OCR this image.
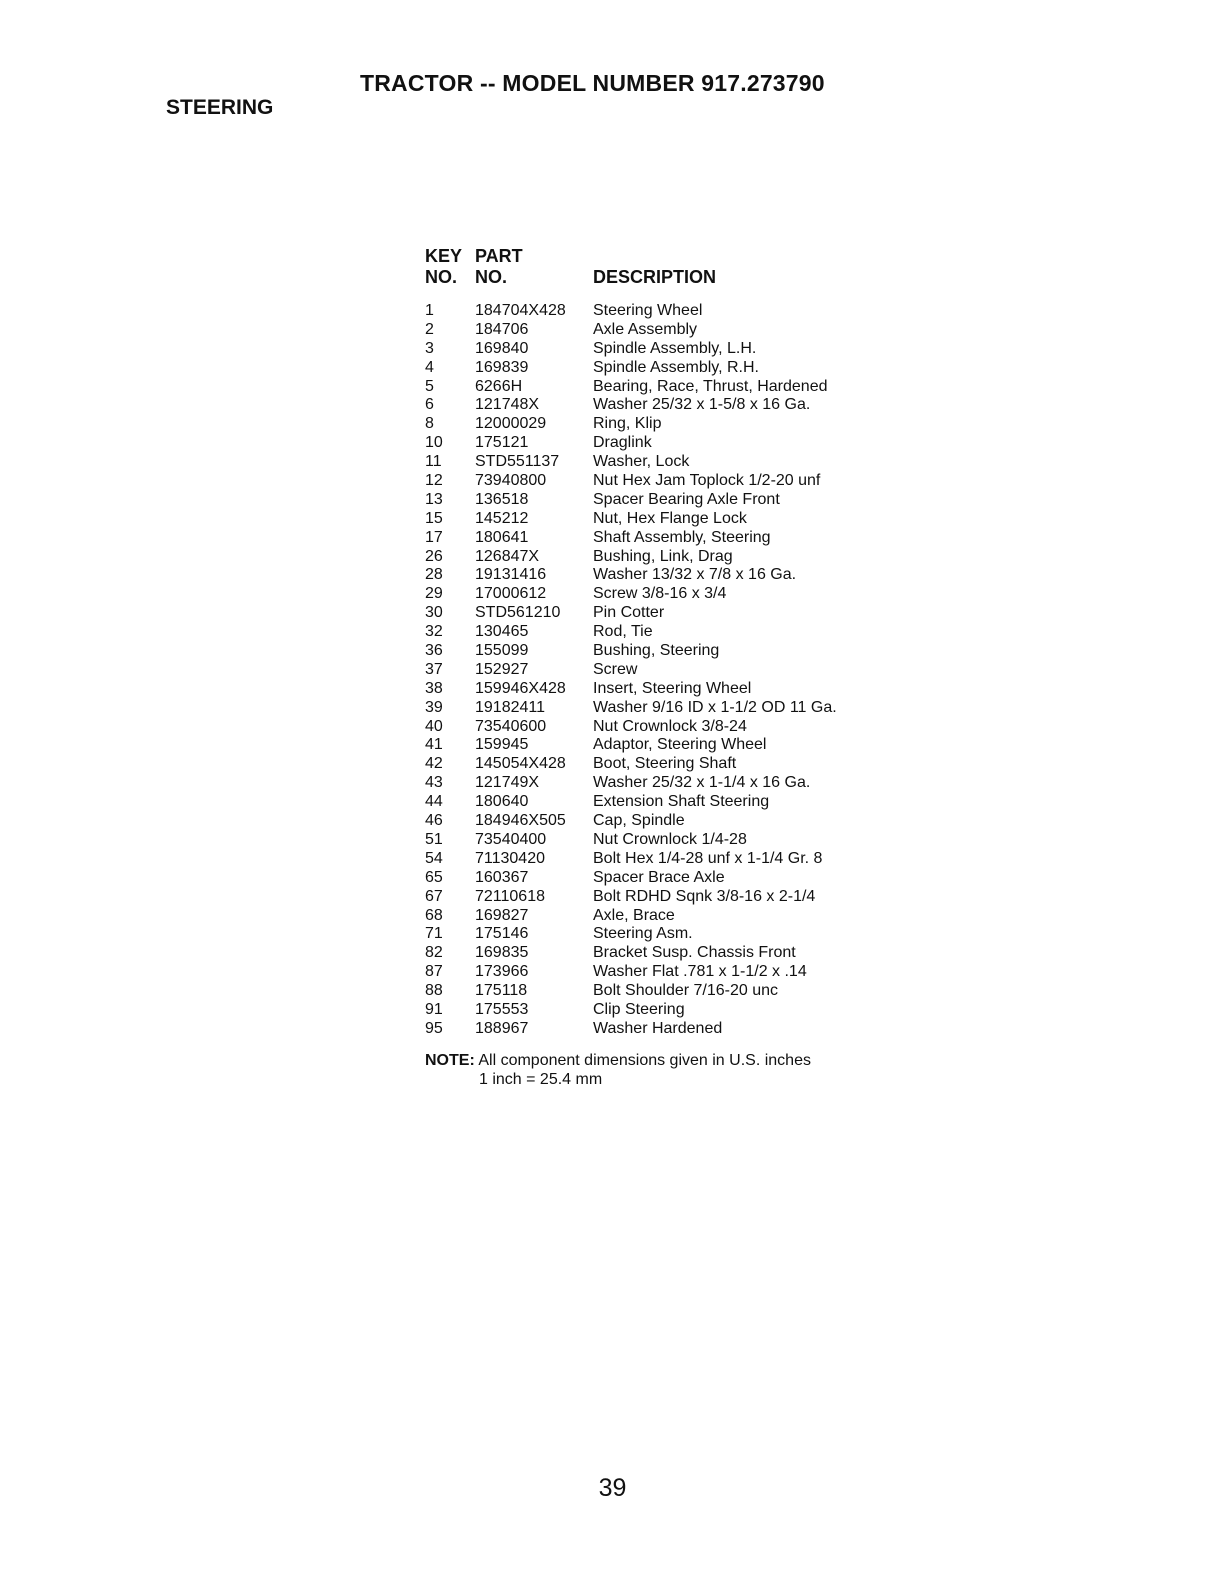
TRACTOR -- MODEL NUMBER 917.273790
STEERING
KEY PART
NO. NO.	DESCRIPTION
1	184704X428 Steering Wheel
2	184706	Axle Assembly
3	169840	Spindle Assembly, L.H.
4	169839	Spindle Assembly, R.H.
5	6266H	Bearing, Race, Thrust, Hardened
6	121748X	Washer 25/32 x 1-5/8 x 16 Ga.
8	12000029	Ring, Klip
10 175121	Draglink
11 STD551137 Washer, Lock
12 73940800	Nut Hex Jam Toplock 1/2-20 unf
13 136518	Spacer Bearing Axle Front
15 145212	Nut, Hex Flange Lock
17 180641	Shaft Assembly, Steering
26 126847X	Bushing, Link, Drag
28 19131416	Washer 13/32 x 7/8 x 16 Ga.
29 17000612	Screw 3/8-16 x 3/4
30 STD561210 Pin Cotter
32 130465	Rod, Tie
36 155099	Bushing, Steering
37 152927	Screw
38 159946X428 Insert, Steering Wheel
39 19182411	Washer 9/16 ID x 1-1/2 OD 11 Ga.
40 73540600	Nut Crownlock 3/8-24
41 159945	Adaptor, Steering Wheel
42 145054X428 Boot, Steering Shaft
43 121749X	Washer 25/32 x 1-1/4 x 16 Ga.
44 180640	Extension Shaft Steering
46 184946X505 Cap, Spindle
51 73540400	Nut Crownlock 1/4-28
54 71130420	Bolt Hex 1/4-28 unf x 1-1/4 Gr. 8
65 160367	Spacer Brace Axle
67 72110618	Bolt RDHD Sqnk 3/8-16 x 2-1/4
68 169827	Axle, Brace
71 175146	Steering Asm.
82 169835	Bracket Susp. Chassis Front
87 173966	Washer Flat .781 x 1-1/2 x .14
88 175118	Bolt Shoulder 7/16-20 unc
91 175553	Clip Steering
95 188967	Washer Hardened
NOTE: All component dimensions given in U.S. inches
1 inch = 25.4 mm
39
